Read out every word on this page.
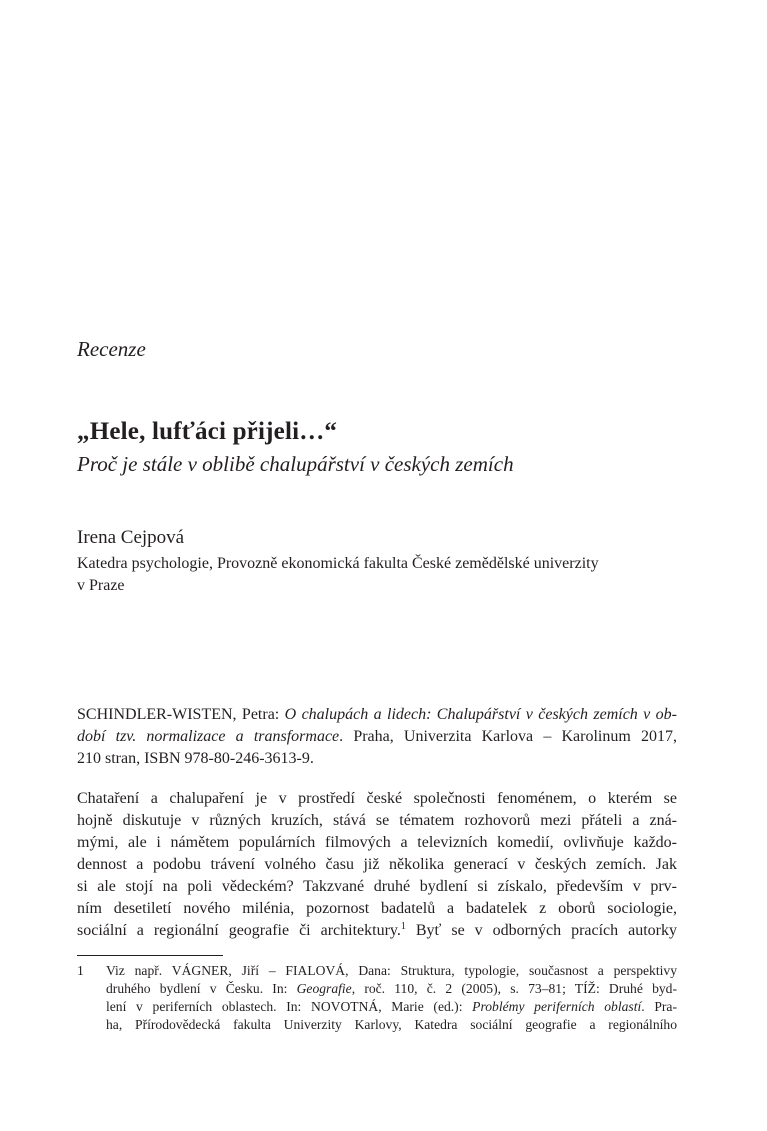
Recenze
„Hele, lufťáci přijeli…“
Proč je stále v oblibě chalupářství v českých zemích
Irena Cejpová
Katedra psychologie, Provozně ekonomická fakulta České zemědělské univerzity
v Praze
SCHINDLER-WISTEN, Petra: O chalupách a lidech: Chalupářství v českých zemích v ob-
dobí tzv. normalizace a transformace. Praha, Univerzita Karlova – Karolinum 2017,
210 stran, ISBN 978-80-246-3613-9.
Chataření a chalupaření je v prostředí české společnosti fenoménem, o kterém se
hojně diskutuje v různých kruzích, stává se tématem rozhovorů mezi přáteli a zná-
mými, ale i námětem populárních filmových a televizních komedií, ovlivňuje každo-
dennost a podobu trávení volného času již několika generací v českých zemích. Jak
si ale stojí na poli vědeckém? Takzvané druhé bydlení si získalo, především v prv-
ním desetiletí nového milénia, pozornost badatelů a badatelek z oborů sociologie,
sociální a regionální geografie či architektury.$^1$ Byť se v odborných pracích autorky
1 Viz např. VÁGNER, Jiří – FIALOVÁ, Dana: Struktura, typologie, současnost a perspektivy
druhého bydlení v Česku. In: Geografie, roč. 110, č. 2 (2005), s. 73–81; TÍŽ: Druhé byd-
lení v periferních oblastech. In: NOVOTNÁ, Marie (ed.): Problémy periferních oblastí. Pra-
ha, Přírodovědecká fakulta Univerzity Karlovy, Katedra sociální geografie a regionálního
